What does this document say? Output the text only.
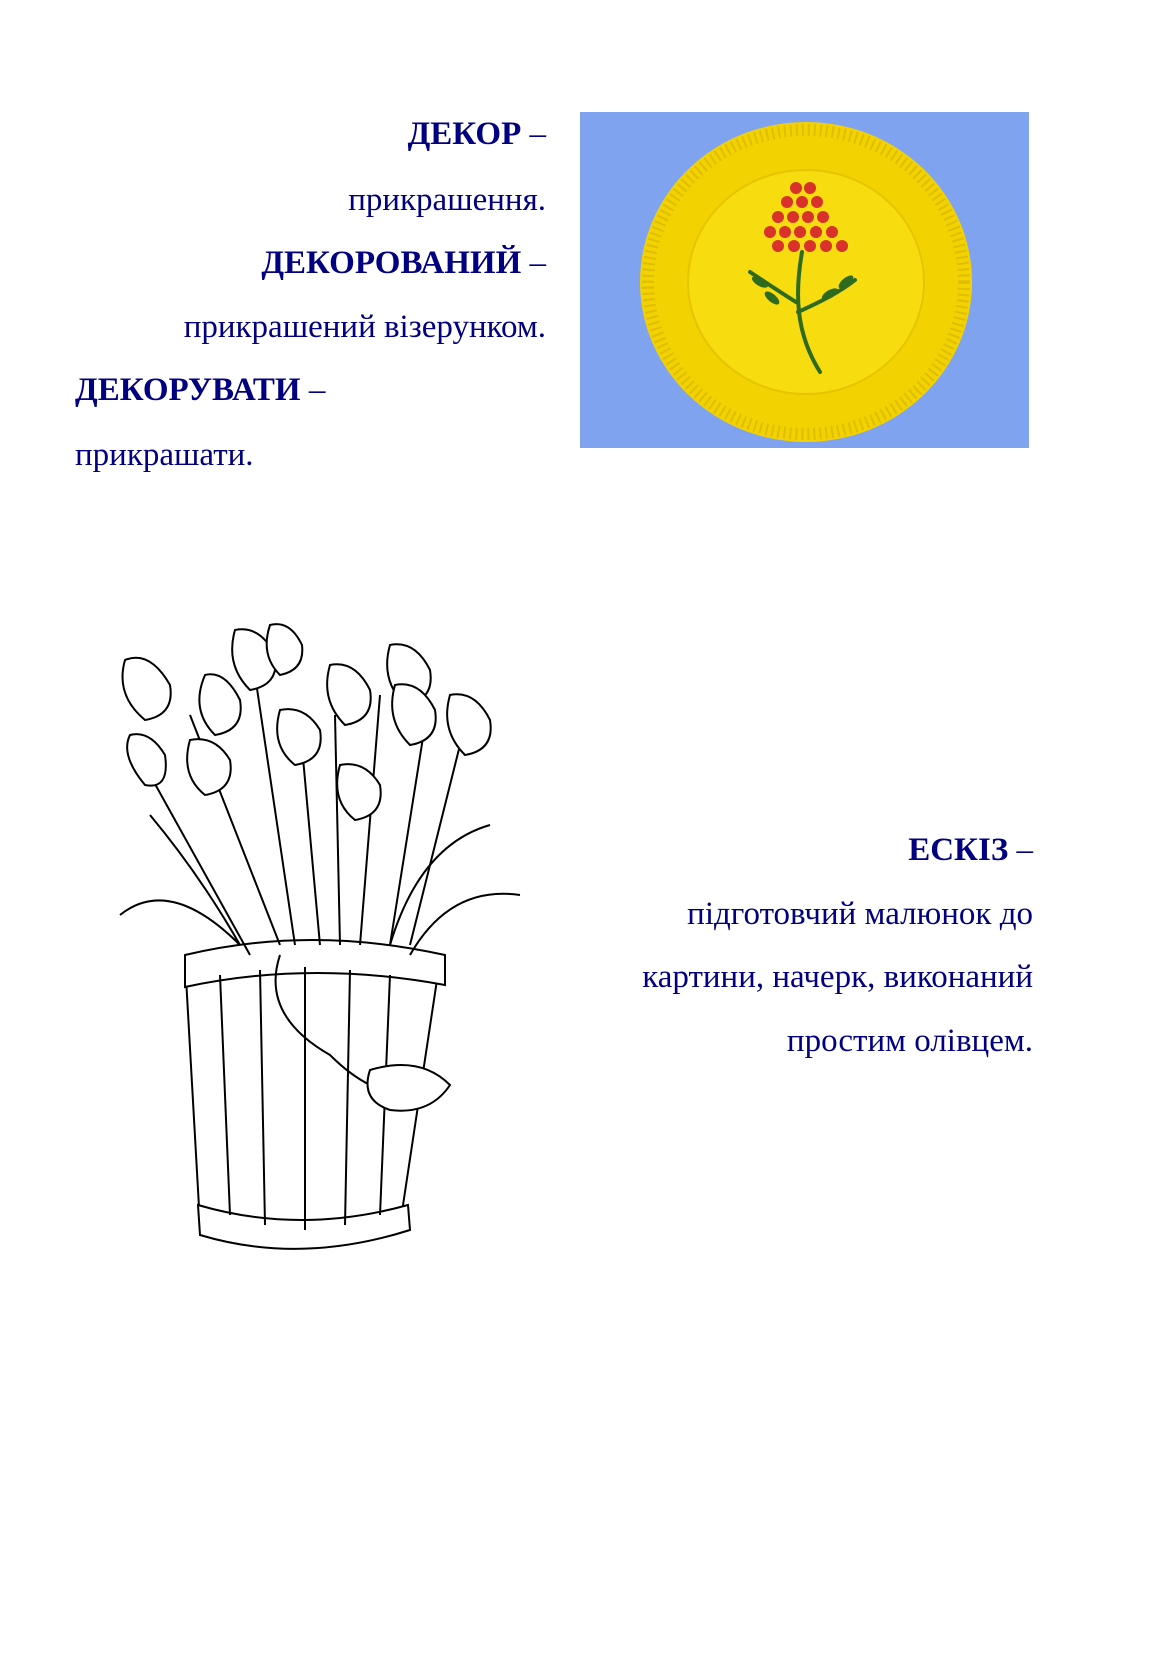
ДЕКОР –
прикрашення.
ДЕКОРОВАНИЙ –
прикрашений візерунком.
ДЕКОРУВАТИ –
прикрашати.
ЕСКІЗ –
підготовчий малюнок до
картини, начерк, виконаний
простим олівцем.
